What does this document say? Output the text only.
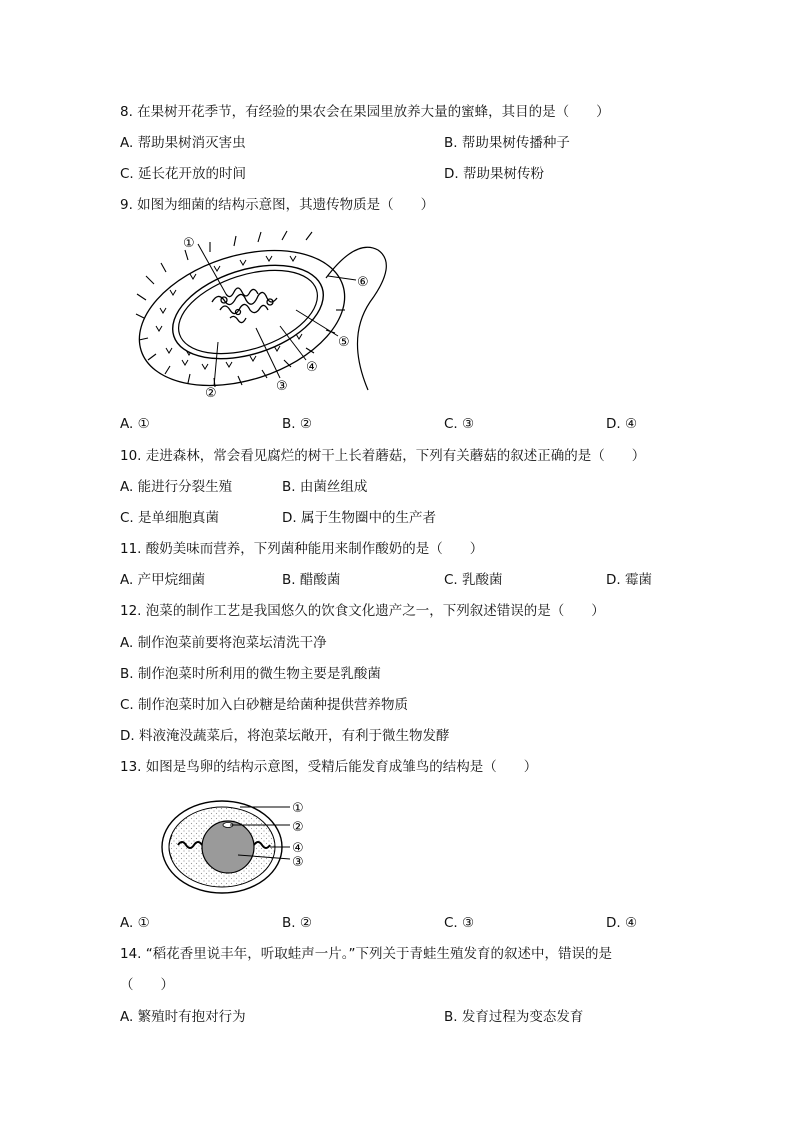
8. 在果树开花季节，有经验的果农会在果园里放养大量的蜜蜂，其目的是（　　）
A. 帮助果树消灭害虫	B. 帮助果树传播种子
C. 延长花开放的时间	D. 帮助果树传粉
9. 如图为细菌的结构示意图，其遗传物质是（　　）
①
②	③
④
⑤
⑥
A. ①	B. ②	C. ③	D. ④
10. 走进森林，常会看见腐烂的树干上长着蘑菇，下列有关蘑菇的叙述正确的是（　　）
A. 能进行分裂生殖	B. 由菌丝组成
C. 是单细胞真菌	D. 属于生物圈中的生产者
11. 酸奶美味而营养，下列菌种能用来制作酸奶的是（　　）
A. 产甲烷细菌	B. 醋酸菌	C. 乳酸菌	D. 霉菌
12. 泡菜的制作工艺是我国悠久的饮食文化遗产之一，下列叙述错误的是（　　）
A. 制作泡菜前要将泡菜坛清洗干净
B. 制作泡菜时所利用的微生物主要是乳酸菌
C. 制作泡菜时加入白砂糖是给菌种提供营养物质
D. 料液淹没蔬菜后，将泡菜坛敞开，有利于微生物发酵
13. 如图是鸟卵的结构示意图，受精后能发育成雏鸟的结构是（　　）
①
②
④
③
A. ①	B. ②	C. ③	D. ④
14. “稻花香里说丰年，听取蛙声一片。”下列关于青蛙生殖发育的叙述中，错误的是
（　　）
A. 繁殖时有抱对行为	B. 发育过程为变态发育
